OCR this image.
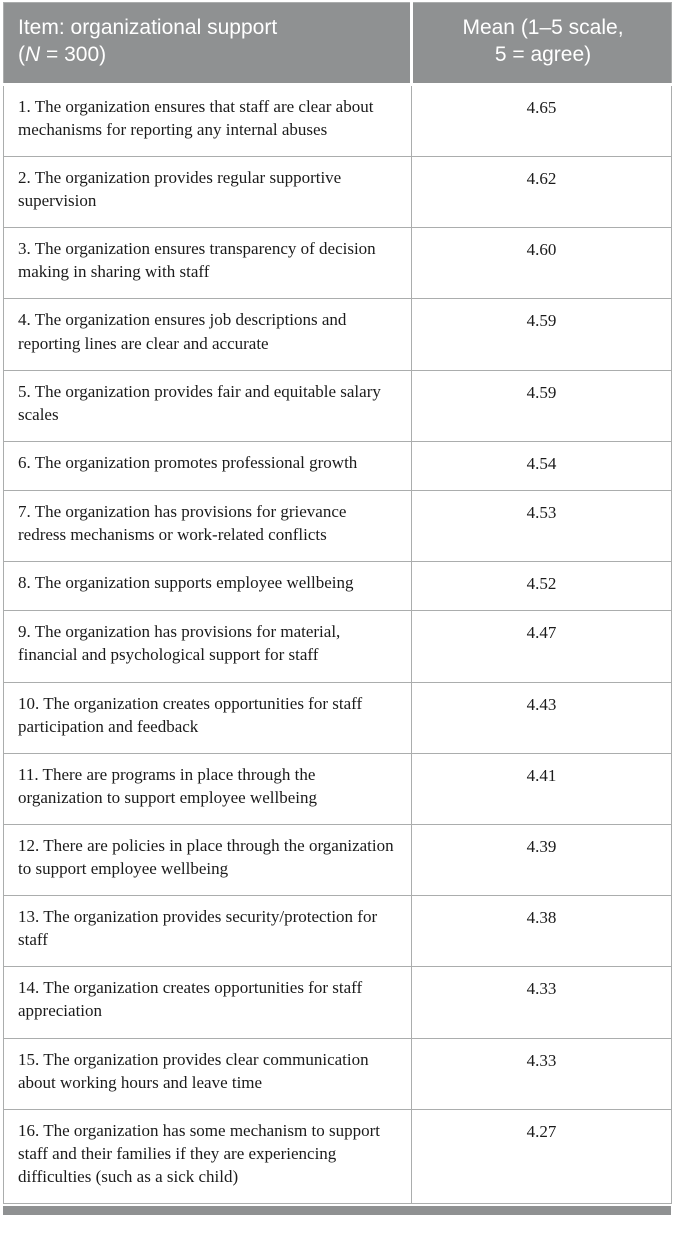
Item: organizational support
(N = 300)	Mean (1–5 scale,
5 = agree)

1. The organization ensures that staff are clear about mechanisms for reporting any internal abuses	4.65
2. The organization provides regular supportive supervision	4.62
3. The organization ensures transparency of decision making in sharing with staff	4.60
4. The organization ensures job descriptions and reporting lines are clear and accurate	4.59
5. The organization provides fair and equitable salary scales	4.59
6. The organization promotes professional growth	4.54
7. The organization has provisions for grievance redress mechanisms or work-related conflicts	4.53
8. The organization supports employee wellbeing	4.52
9. The organization has provisions for material, financial and psychological support for staff	4.47
10. The organization creates opportunities for staff participation and feedback	4.43
11. There are programs in place through the organization to support employee wellbeing	4.41
12. There are policies in place through the organization to support employee wellbeing	4.39
13. The organization provides security/protection for staff	4.38
14. The organization creates opportunities for staff appreciation	4.33
15. The organization provides clear communication about working hours and leave time	4.33
16. The organization has some mechanism to support staff and their families if they are experiencing difficulties (such as a sick child)	4.27
